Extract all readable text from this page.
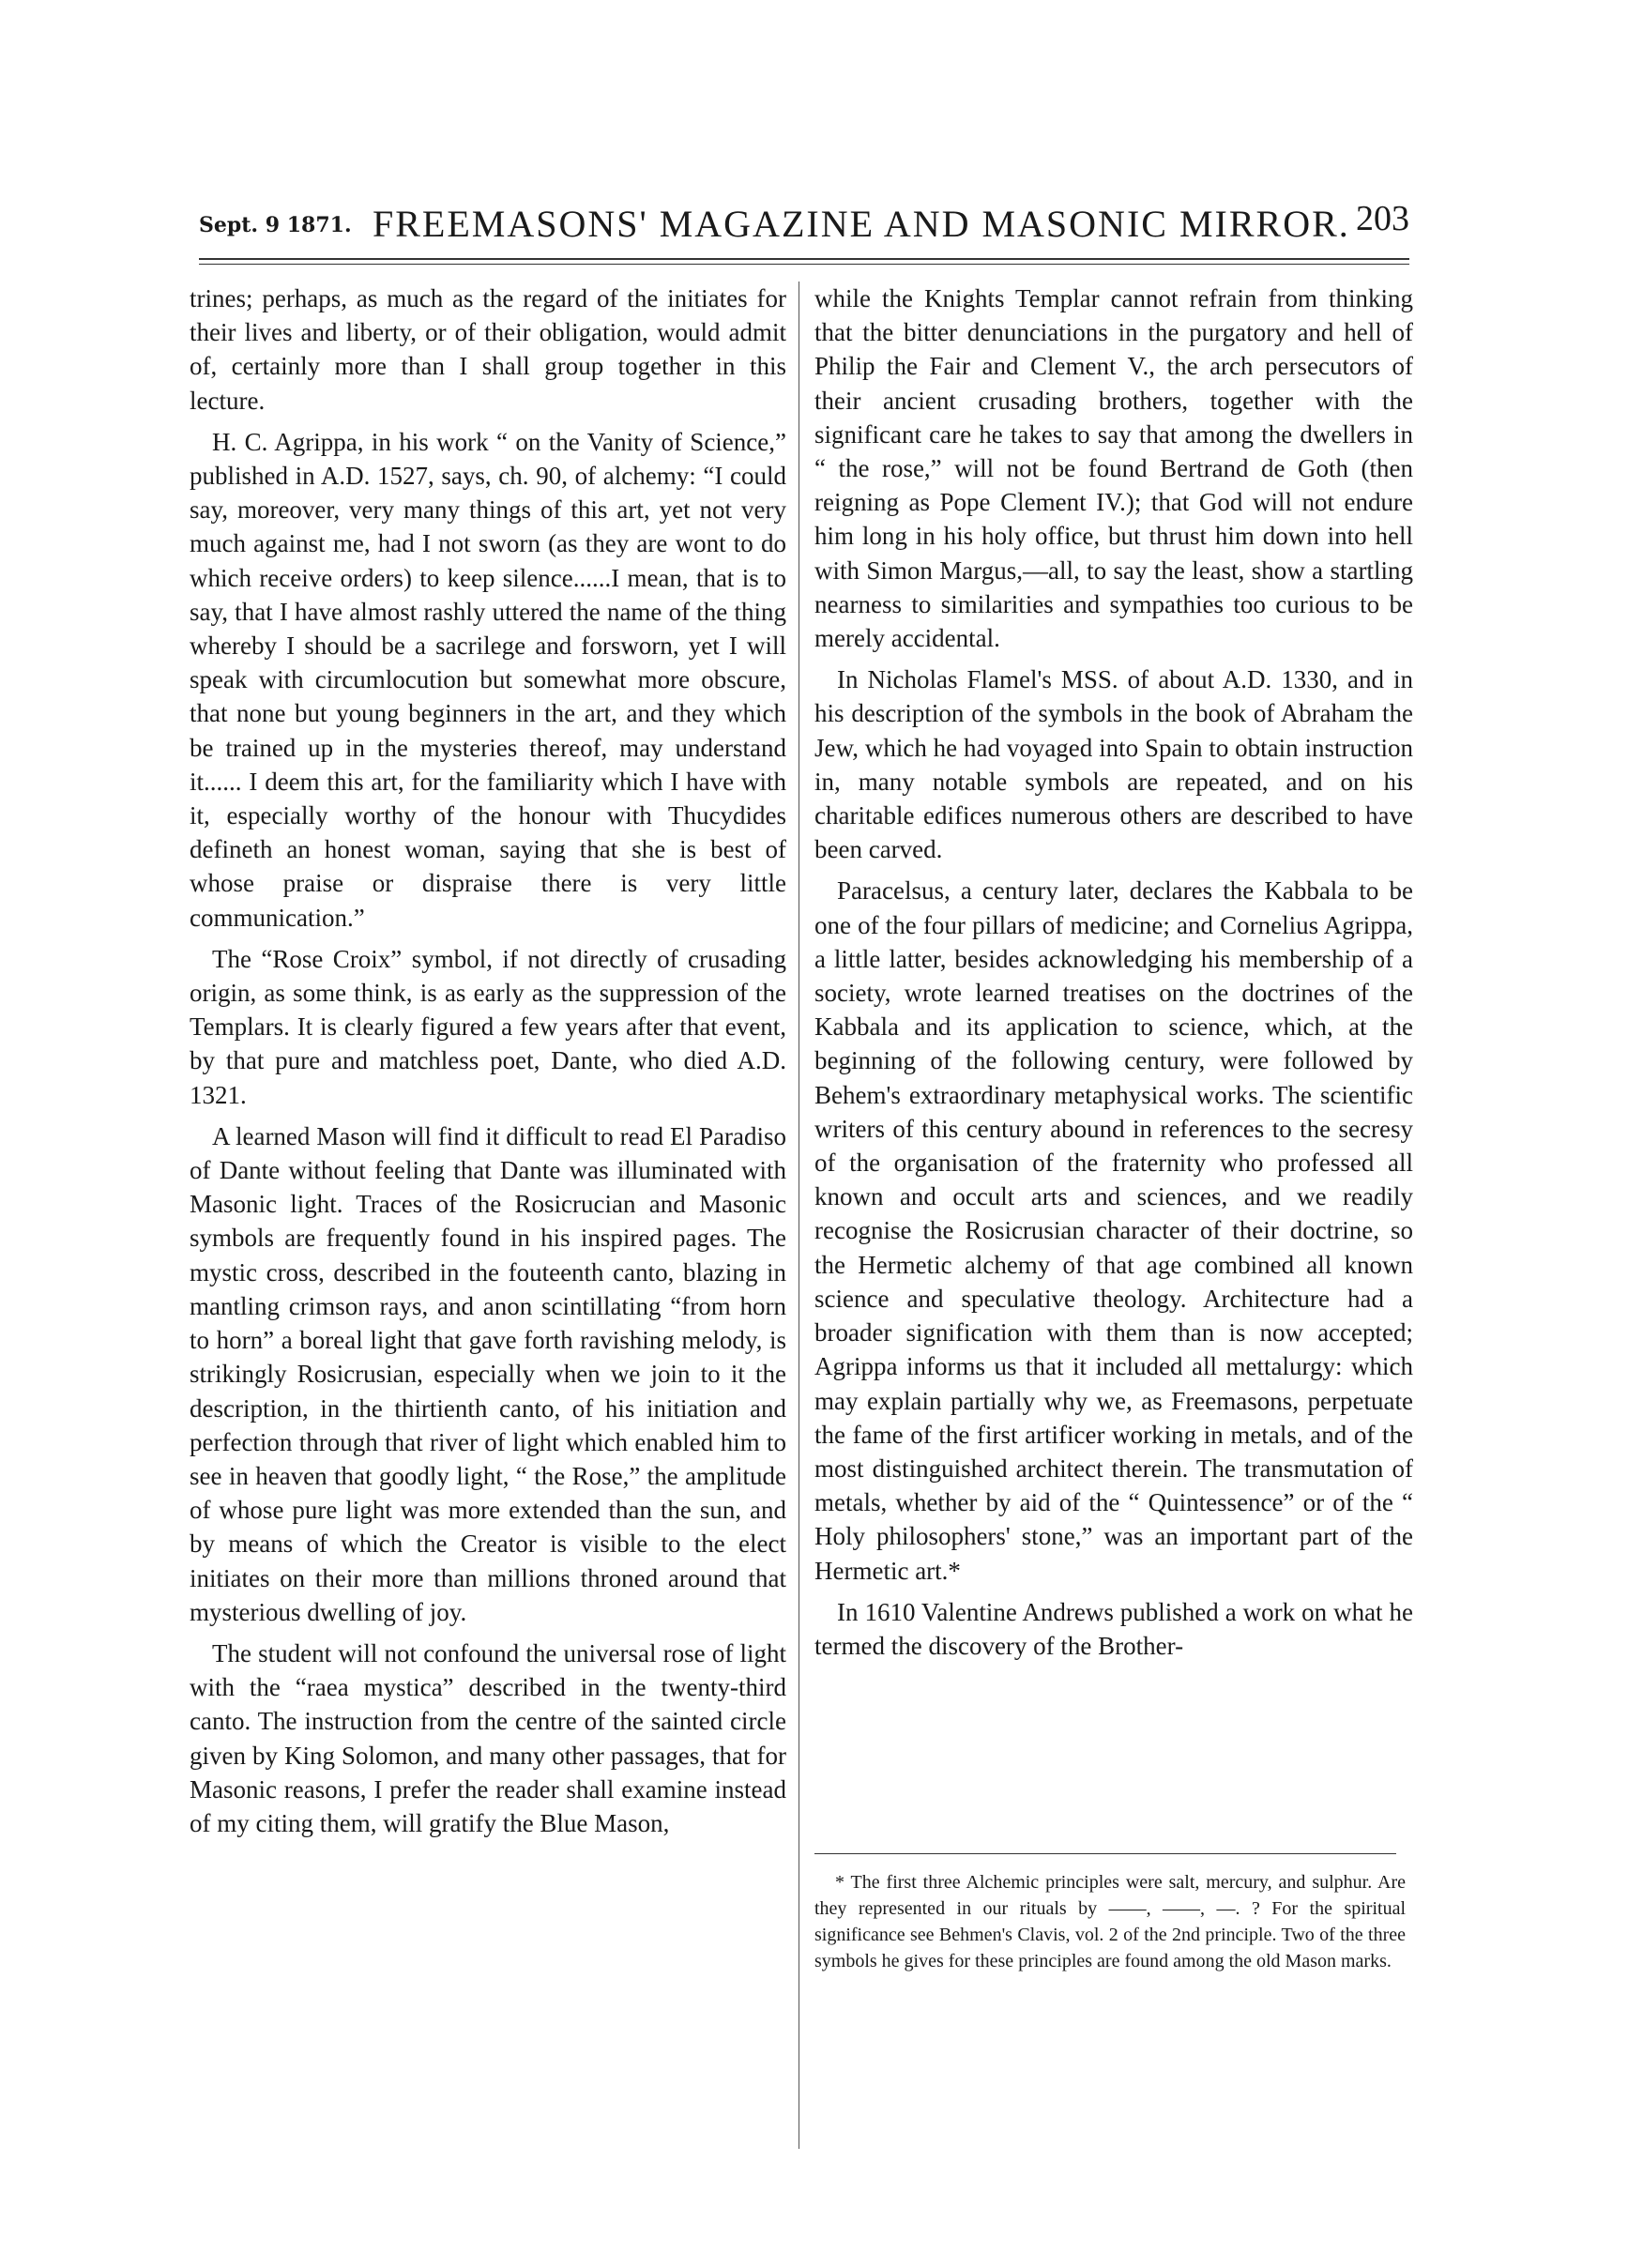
Sept. 9 1871. FREEMASONS' MAGAZINE AND MASONIC MIRROR. 203

trines; perhaps, as much as the regard of the initiates for their lives and liberty, or of their obligation, would admit of, certainly more than I shall group together in this lecture.

H. C. Agrippa, in his work “ on the Vanity of Science,” published in A.D. 1527, says, ch. 90, of alchemy: “I could say, moreover, very many things of this art, yet not very much against me, had I not sworn (as they are wont to do which receive orders) to keep silence......I mean, that is to say, that I have almost rashly uttered the name of the thing whereby I should be a sacrilege and forsworn, yet I will speak with circumlocution but somewhat more obscure, that none but young beginners in the art, and they which be trained up in the mysteries thereof, may understand it...... I deem this art, for the familiarity which I have with it, especially worthy of the honour with Thucydides defineth an honest woman, saying that she is best of whose praise or dispraise there is very little communication.”

The “Rose Croix” symbol, if not directly of crusading origin, as some think, is as early as the suppression of the Templars. It is clearly figured a few years after that event, by that pure and matchless poet, Dante, who died A.D. 1321.

A learned Mason will find it difficult to read El Paradiso of Dante without feeling that Dante was illuminated with Masonic light. Traces of the Rosicrucian and Masonic symbols are frequently found in his inspired pages. The mystic cross, described in the fouteenth canto, blazing in mantling crimson rays, and anon scintillating “from horn to horn” a boreal light that gave forth ravishing melody, is strikingly Rosicrusian, especially when we join to it the description, in the thirtienth canto, of his initiation and perfection through that river of light which enabled him to see in heaven that goodly light, “ the Rose,” the amplitude of whose pure light was more extended than the sun, and by means of which the Creator is visible to the elect initiates on their more than millions throned around that mysterious dwelling of joy.

The student will not confound the universal rose of light with the “raea mystica” described in the twenty-third canto. The instruction from the centre of the sainted circle given by King Solomon, and many other passages, that for Masonic reasons, I prefer the reader shall examine instead of my citing them, will gratify the Blue Mason,

while the Knights Templar cannot refrain from thinking that the bitter denunciations in the purgatory and hell of Philip the Fair and Clement V., the arch persecutors of their ancient crusading brothers, together with the significant care he takes to say that among the dwellers in “ the rose,” will not be found Bertrand de Goth (then reigning as Pope Clement IV.); that God will not endure him long in his holy office, but thrust him down into hell with Simon Margus,—all, to say the least, show a startling nearness to similarities and sympathies too curious to be merely accidental.

In Nicholas Flamel's MSS. of about A.D. 1330, and in his description of the symbols in the book of Abraham the Jew, which he had voyaged into Spain to obtain instruction in, many notable symbols are repeated, and on his charitable edifices numerous others are described to have been carved.

Paracelsus, a century later, declares the Kabbala to be one of the four pillars of medicine; and Cornelius Agrippa, a little latter, besides acknowledging his membership of a society, wrote learned treatises on the doctrines of the Kabbala and its application to science, which, at the beginning of the following century, were followed by Behem's extraordinary metaphysical works. The scientific writers of this century abound in references to the secresy of the organisation of the fraternity who professed all known and occult arts and sciences, and we readily recognise the Rosicrusian character of their doctrine, so the Hermetic alchemy of that age combined all known science and speculative theology. Architecture had a broader signification with them than is now accepted; Agrippa informs us that it included all mettalurgy: which may explain partially why we, as Freemasons, perpetuate the fame of the first artificer working in metals, and of the most distinguished architect therein. The transmutation of metals, whether by aid of the “ Quintessence” or of the “ Holy philosophers' stone,” was an important part of the Hermetic art.*

In 1610 Valentine Andrews published a work on what he termed the discovery of the Brother-

* The first three Alchemic principles were salt, mercury, and sulphur. Are they represented in our rituals by ——, ——, —. ? For the spiritual significance see Behmen's Clavis, vol. 2 of the 2nd principle. Two of the three symbols he gives for these principles are found among the old Mason marks.
